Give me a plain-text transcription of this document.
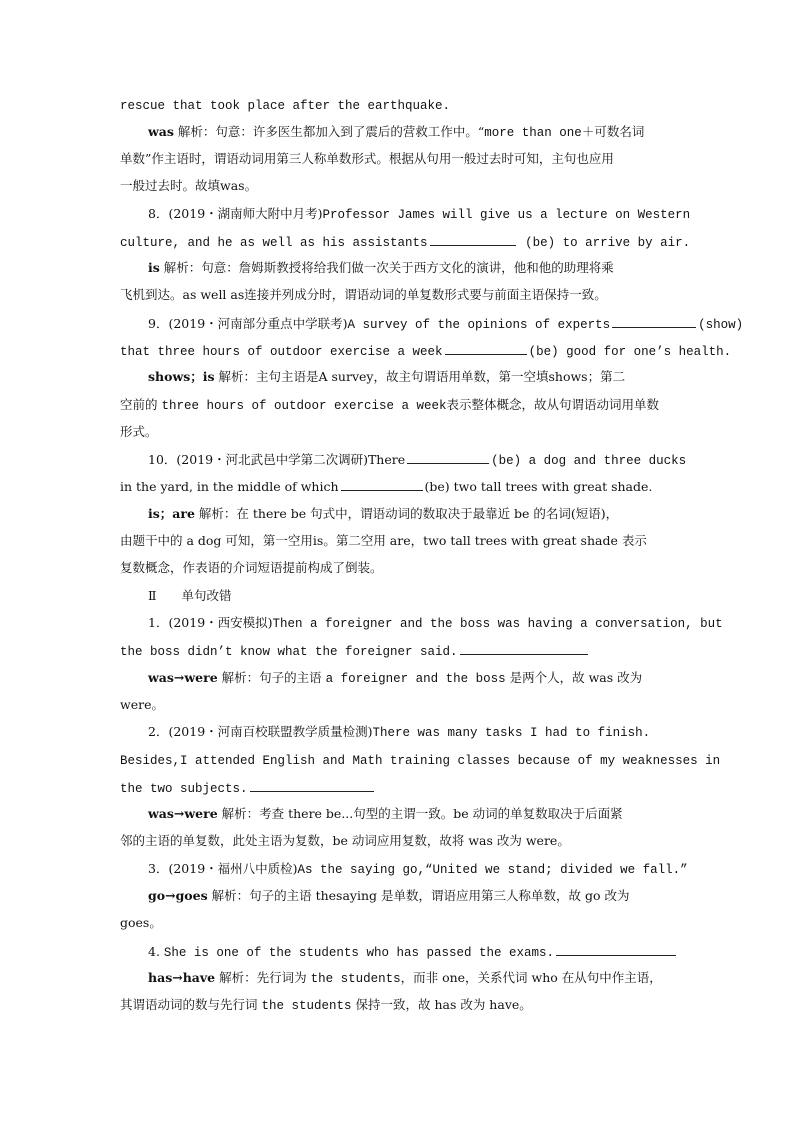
rescue that took place after the earthquake.
was 解析：句意：许多医生都加入到了震后的营救工作中。“more than one＋可数名词
单数”作主语时，谓语动词用第三人称单数形式。根据从句用一般过去时可知，主句也应用
一般过去时。故填was。
8．(2019・湖南师大附中月考)Professor James will give us a lecture on Western
culture, and he as well as his assistants	(be) to arrive by air.
is 解析：句意：詹姆斯教授将给我们做一次关于西方文化的演讲，他和他的助理将乘
飞机到达。as well as连接并列成分时，谓语动词的单复数形式要与前面主语保持一致。
9．(2019・河南部分重点中学联考)A survey of the opinions of experts	(show)
that three hours of outdoor exercise a week	(be) good for one’s health.
shows；is 解析：主句主语是A survey，故主句谓语用单数，第一空填shows；第二
空前的 three hours of outdoor exercise a week表示整体概念，故从句谓语动词用单数
形式。
10．(2019・河北武邑中学第二次调研)There	(be) a dog and three ducks
in the yard, in the middle of which	(be) two tall trees with great shade.
is；are 解析：在 there be 句式中，谓语动词的数取决于最靠近 be 的名词(短语)，
由题干中的 a dog 可知，第一空用is。第二空用 are，two tall trees with great shade 表示
复数概念，作表语的介词短语提前构成了倒装。
Ⅱ　　单句改错
1．(2019・西安模拟)Then a foreigner and the boss was having a conversation, but
the boss didn’t know what the foreigner said.
was→were 解析：句子的主语 a foreigner and the boss 是两个人，故 was 改为
were。
2．(2019・河南百校联盟教学质量检测)There was many tasks I had to finish.
Besides,I attended English and Math training classes because of my weaknesses in
the two subjects.
was→were 解析：考查 there be...句型的主谓一致。be 动词的单复数取决于后面紧
邻的主语的单复数，此处主语为复数，be 动词应用复数，故将 was 改为 were。
3．(2019・福州八中质检)As the saying go,“United we stand; divided we fall.”
go→goes 解析：句子的主语 thesaying 是单数，谓语应用第三人称单数，故 go 改为
goes。
4. She is one of the students who has passed the exams.
has→have 解析：先行词为 the students，而非 one，关系代词 who 在从句中作主语，
其谓语动词的数与先行词 the students 保持一致，故 has 改为 have。
